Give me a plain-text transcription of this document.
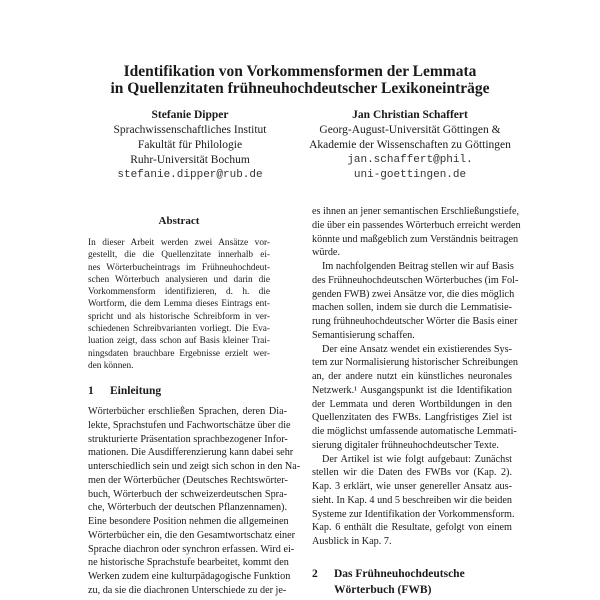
Identifikation von Vorkommensformen der Lemmata
in Quellenzitaten frühneuhochdeutscher Lexikoneinträge
Stefanie Dipper
Sprachwissenschaftliches Institut
Fakultät für Philologie
Ruhr-Universität Bochum
stefanie.dipper@rub.de
Jan Christian Schaffert
Georg-August-Universität Göttingen &
Akademie der Wissenschaften zu Göttingen
jan.schaffert@phil.
uni-goettingen.de
Abstract
In dieser Arbeit werden zwei Ansätze vor-
gestellt, die die Quellenzitate innerhalb ei-
nes Wörterbucheintrags im Frühneuhochdeut-
schen Wörterbuch analysieren und darin die
Vorkommensform identifizieren, d. h. die
Wortform, die dem Lemma dieses Eintrags ent-
spricht und als historische Schreibform in ver-
schiedenen Schreibvarianten vorliegt. Die Eva-
luation zeigt, dass schon auf Basis kleiner Trai-
ningsdaten brauchbare Ergebnisse erzielt wer-
den können.
1 Einleitung
Wörterbücher erschließen Sprachen, deren Dia-
lekte, Sprachstufen und Fachwortschätze über die
strukturierte Präsentation sprachbezogener Infor-
mationen. Die Ausdifferenzierung kann dabei sehr
unterschiedlich sein und zeigt sich schon in den Na-
men der Wörterbücher (Deutsches Rechtswörter-
buch, Wörterbuch der schweizerdeutschen Spra-
che, Wörterbuch der deutschen Pflanzennamen).
Eine besondere Position nehmen die allgemeinen
Wörterbücher ein, die den Gesamtwortschatz einer
Sprache diachron oder synchron erfassen. Wird ei-
ne historische Sprachstufe bearbeitet, kommt den
Werken zudem eine kulturpädagogische Funktion
zu, da sie die diachronen Unterschiede zu der je-
es ihnen an jener semantischen Erschließungstiefe,
die über ein passendes Wörterbuch erreicht werden
könnte und maßgeblich zum Verständnis beitragen
würde.
Im nachfolgenden Beitrag stellen wir auf Basis
des Frühneuhochdeutschen Wörterbuches (im Fol-
genden FWB) zwei Ansätze vor, die dies möglich
machen sollen, indem sie durch die Lemmatisie-
rung frühneuhochdeutscher Wörter die Basis einer
Semantisierung schaffen.
Der eine Ansatz wendet ein existierendes Sys-
tem zur Normalisierung historischer Schreibungen
an, der andere nutzt ein künstliches neuronales
Netzwerk.¹ Ausgangspunkt ist die Identifikation
der Lemmata und deren Wortbildungen in den
Quellenzitaten des FWBs. Langfristiges Ziel ist
die möglichst umfassende automatische Lemmati-
sierung digitaler frühneuhochdeutscher Texte.
Der Artikel ist wie folgt aufgebaut: Zunächst
stellen wir die Daten des FWBs vor (Kap. 2).
Kap. 3 erklärt, wie unser genereller Ansatz aus-
sieht. In Kap. 4 und 5 beschreiben wir die beiden
Systeme zur Identifikation der Vorkommensform.
Kap. 6 enthält die Resultate, gefolgt von einem
Ausblick in Kap. 7.
2 Das Frühneuhochdeutsche
Wörterbuch (FWB)
